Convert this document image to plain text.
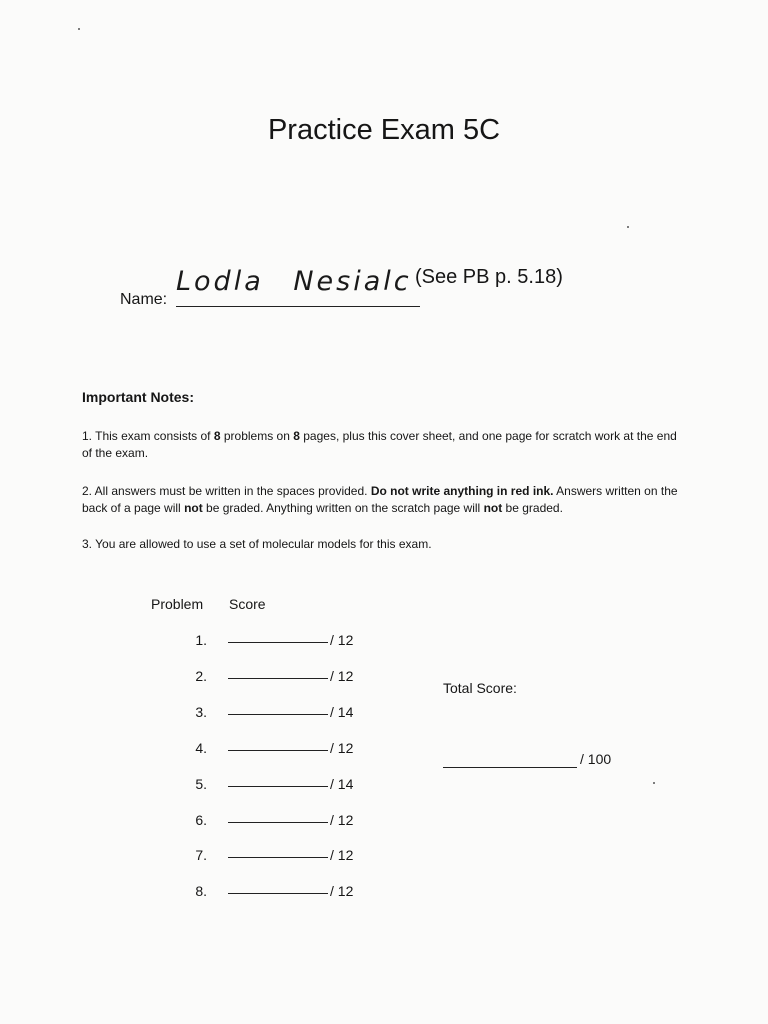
Practice Exam 5C
Name:
Lodla Nesialc (See PB p. 5.18)
Important Notes:
1. This exam consists of 8 problems on 8 pages, plus this cover sheet, and one page for scratch work at the end of the exam.
2. All answers must be written in the spaces provided. Do not write anything in red ink. Answers written on the back of a page will not be graded. Anything written on the scratch page will not be graded.
3. You are allowed to use a set of molecular models for this exam.
Problem Score
1.	/ 12
2.	/ 12
3.	/ 14
4.	/ 12
5.	/ 14
6.	/ 12
7.	/ 12
8.	/ 12
Total Score:
/ 100
